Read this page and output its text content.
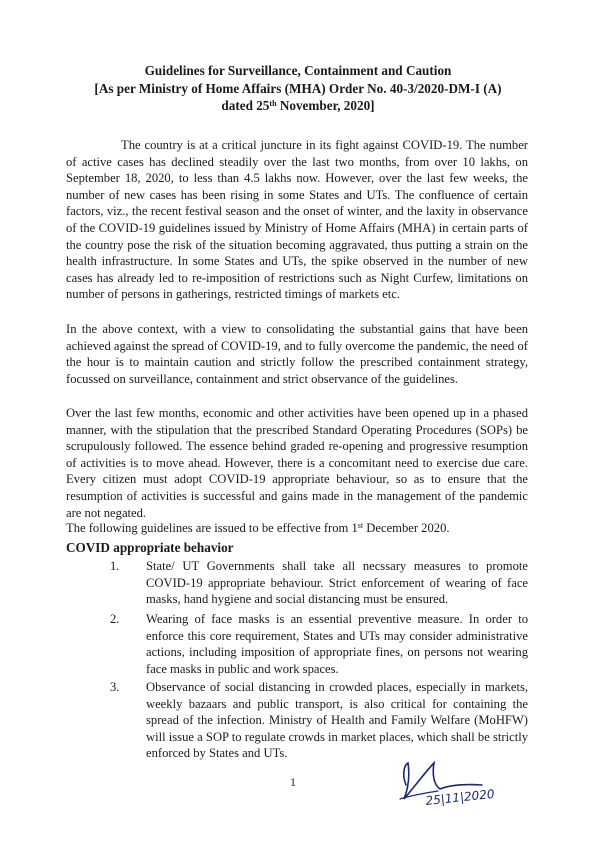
Guidelines for Surveillance, Containment and Caution
[As per Ministry of Home Affairs (MHA) Order No. 40-3/2020-DM-I (A)
dated 25th November, 2020]

The country is at a critical juncture in its fight against COVID-19. The number of active cases has declined steadily over the last two months, from over 10 lakhs, on September 18, 2020, to less than 4.5 lakhs now. However, over the last few weeks, the number of new cases has been rising in some States and UTs. The confluence of certain factors, viz., the recent festival season and the onset of winter, and the laxity in observance of the COVID-19 guidelines issued by Ministry of Home Affairs (MHA) in certain parts of the country pose the risk of the situation becoming aggravated, thus putting a strain on the health infrastructure. In some States and UTs, the spike observed in the number of new cases has already led to re-imposition of restrictions such as Night Curfew, limitations on number of persons in gatherings, restricted timings of markets etc.

In the above context, with a view to consolidating the substantial gains that have been achieved against the spread of COVID-19, and to fully overcome the pandemic, the need of the hour is to maintain caution and strictly follow the prescribed containment strategy, focussed on surveillance, containment and strict observance of the guidelines.

Over the last few months, economic and other activities have been opened up in a phased manner, with the stipulation that the prescribed Standard Operating Procedures (SOPs) be scrupulously followed. The essence behind graded re-opening and progressive resumption of activities is to move ahead. However, there is a concomitant need to exercise due care. Every citizen must adopt COVID-19 appropriate behaviour, so as to ensure that the resumption of activities is successful and gains made in the management of the pandemic are not negated.

The following guidelines are issued to be effective from 1st December 2020.

COVID appropriate behavior
1. State/ UT Governments shall take all necssary measures to promote COVID-19 appropriate behaviour. Strict enforcement of wearing of face masks, hand hygiene and social distancing must be ensured.

2. Wearing of face masks is an essential preventive measure. In order to enforce this core requirement, States and UTs may consider administrative actions, including imposition of appropriate fines, on persons not wearing face masks in public and work spaces.

3. Observance of social distancing in crowded places, especially in markets, weekly bazaars and public transport, is also critical for containing the spread of the infection. Ministry of Health and Family Welfare (MoHFW) will issue a SOP to regulate crowds in market places, which shall be strictly enforced by States and UTs.

1
25|11|2020
